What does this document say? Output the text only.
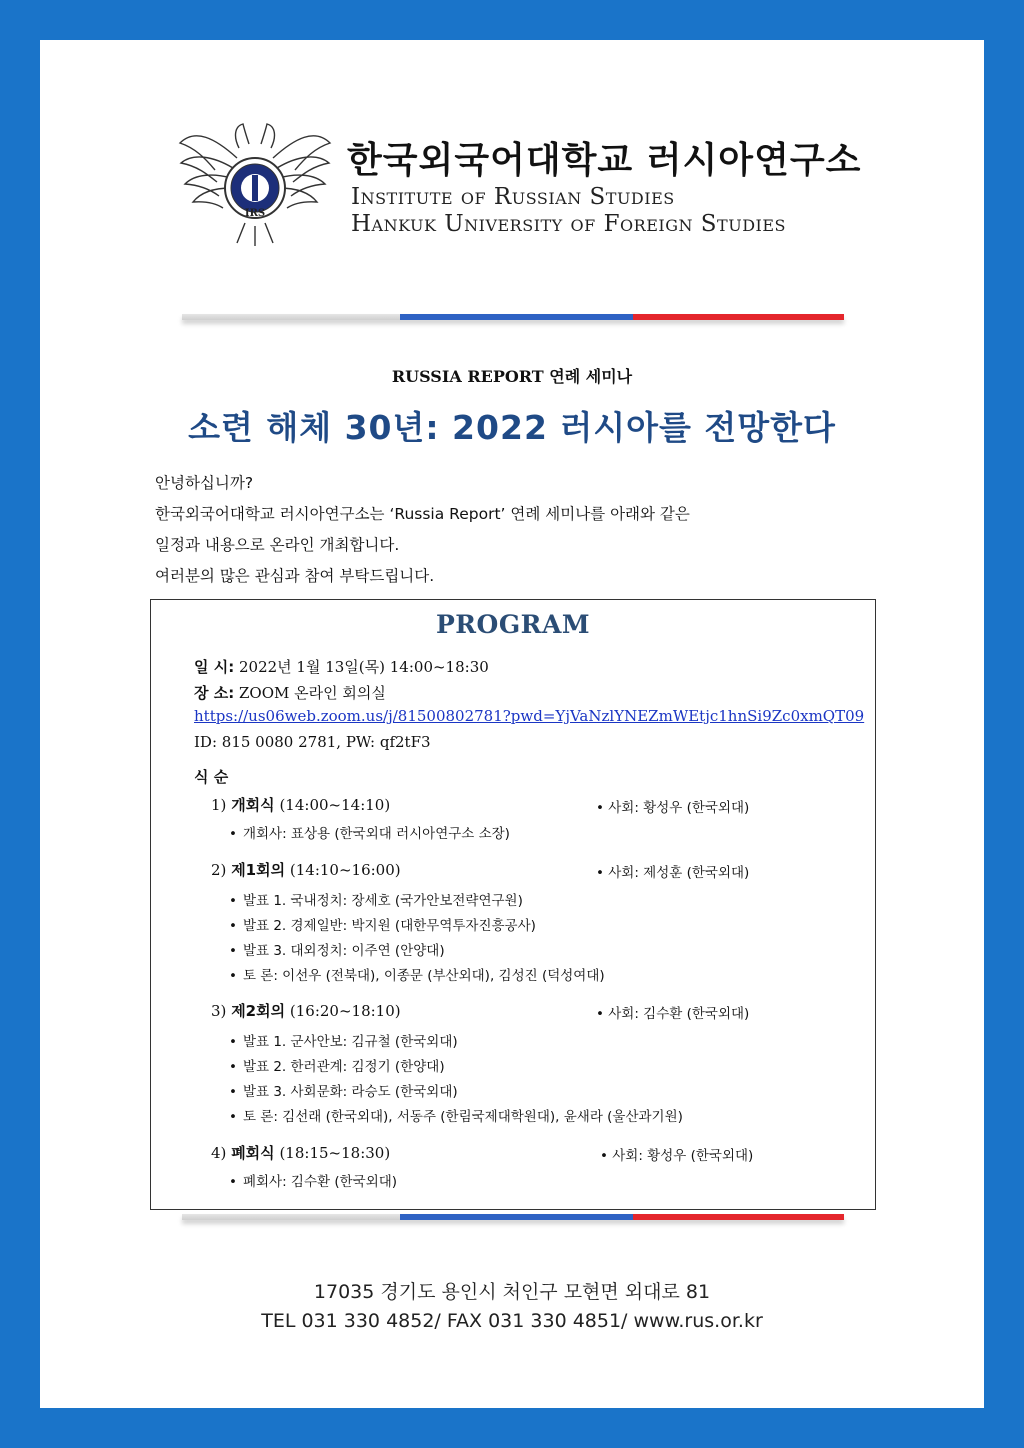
IRS
한국외국어대학교 러시아연구소
Institute of Russian Studies
Hankuk University of Foreign Studies
RUSSIA REPORT 연례 세미나
소련 해체 30년: 2022 러시아를 전망한다
안녕하십니까?
한국외국어대학교 러시아연구소는 ‘Russia Report’ 연례 세미나를 아래와 같은
일정과 내용으로 온라인 개최합니다.
여러분의 많은 관심과 참여 부탁드립니다.
PROGRAM
일 시: 2022년 1월 13일(목) 14:00~18:30
장 소: ZOOM 온라인 회의실
https://us06web.zoom.us/j/81500802781?pwd=YjVaNzlYNEZmWEtjc1hnSi9Zc0xmQT09
ID: 815 0080 2781, PW: qf2tF3
식 순
1) 개회식 (14:00~14:10)	• 사회: 황성우 (한국외대)
• 개회사: 표상용 (한국외대 러시아연구소 소장)
2) 제1회의 (14:10~16:00)	• 사회: 제성훈 (한국외대)
• 발표 1. 국내정치: 장세호 (국가안보전략연구원)
• 발표 2. 경제일반: 박지원 (대한무역투자진흥공사)
• 발표 3. 대외정치: 이주연 (안양대)
• 토 론: 이선우 (전북대), 이종문 (부산외대), 김성진 (덕성여대)
3) 제2회의 (16:20~18:10)	• 사회: 김수환 (한국외대)
• 발표 1. 군사안보: 김규철 (한국외대)
• 발표 2. 한러관계: 김정기 (한양대)
• 발표 3. 사회문화: 라승도 (한국외대)
• 토 론: 김선래 (한국외대), 서동주 (한림국제대학원대), 윤새라 (울산과기원)
4) 폐회식 (18:15~18:30)	• 사회: 황성우 (한국외대)
• 폐회사: 김수환 (한국외대)
17035 경기도 용인시 처인구 모현면 외대로 81
TEL 031 330 4852/ FAX 031 330 4851/ www.rus.or.kr
